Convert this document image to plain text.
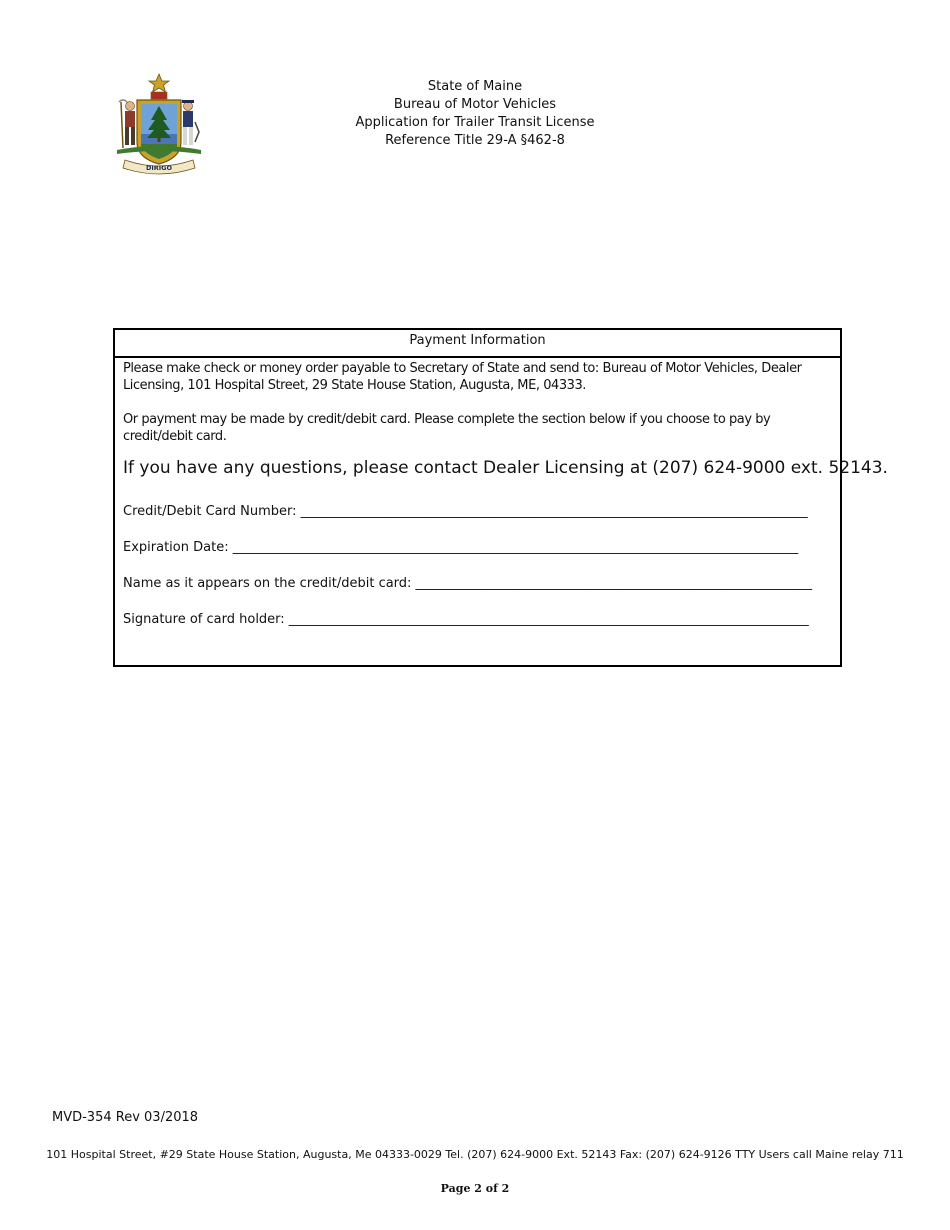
DIRIGO
State of Maine
Bureau of Motor Vehicles
Application for Trailer Transit License
Reference Title 29-A §462-8
Payment Information
Please make check or money order payable to Secretary of State and send to: Bureau of Motor Vehicles, Dealer Licensing, 101 Hospital Street, 29 State House Station, Augusta, ME, 04333.
Or payment may be made by credit/debit card. Please complete the section below if you choose to pay by credit/debit card.
If you have any questions, please contact Dealer Licensing at (207) 624-9000 ext. 52143.
Credit/Debit Card Number: ______________________________________________________________________________
Expiration Date: _______________________________________________________________________________________
Name as it appears on the credit/debit card: _____________________________________________________________
Signature of card holder: ________________________________________________________________________________
MVD-354 Rev 03/2018
101 Hospital Street, #29 State House Station, Augusta, Me 04333-0029 Tel. (207) 624-9000 Ext. 52143 Fax: (207) 624-9126 TTY Users call Maine relay 711
Page 2 of 2
